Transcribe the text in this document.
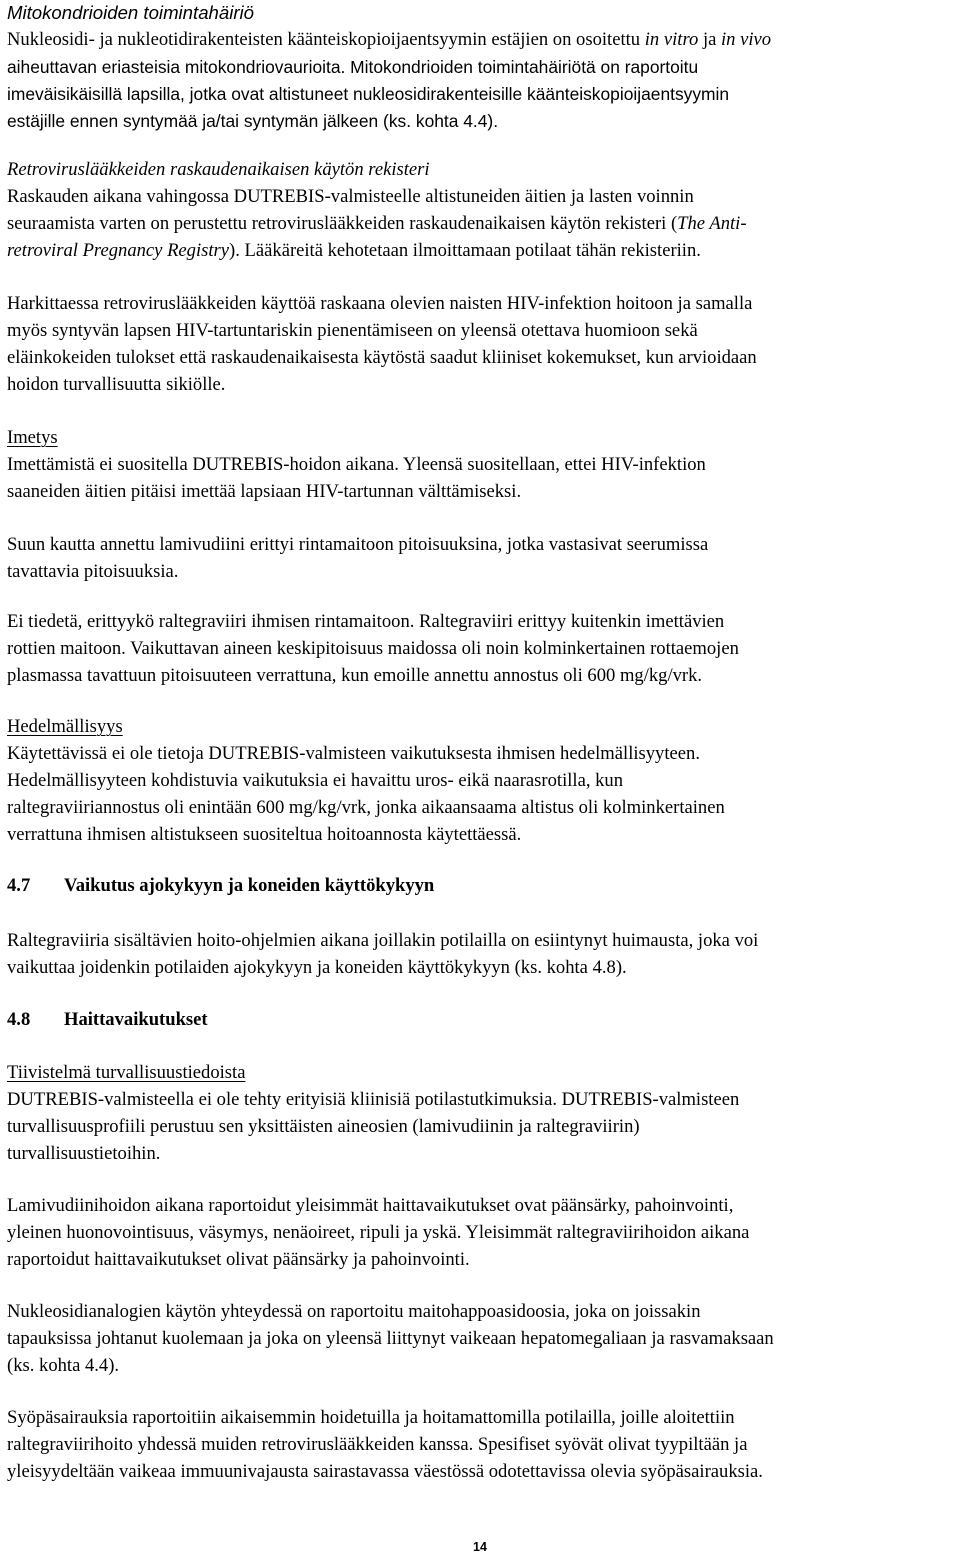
Mitokondrioiden toimintahäiriö
Nukleosidi- ja nukleotidirakenteisten käänteiskopioijaentsyymin estäjien on osoitettu in vitro ja in vivo
aiheuttavan eriasteisia mitokondriovaurioita. Mitokondrioiden toimintahäiriötä on raportoitu
imeväisikäisillä lapsilla, jotka ovat altistuneet nukleosidirakenteisille käänteiskopioijaentsyymin
estäjille ennen syntymää ja/tai syntymän jälkeen (ks. kohta 4.4).
Retroviruslääkkeiden raskaudenaikaisen käytön rekisteri
Raskauden aikana vahingossa DUTREBIS-valmisteelle altistuneiden äitien ja lasten voinnin
seuraamista varten on perustettu retroviruslääkkeiden raskaudenaikaisen käytön rekisteri (The Anti-
retroviral Pregnancy Registry). Lääkäreitä kehotetaan ilmoittamaan potilaat tähän rekisteriin.
Harkittaessa retroviruslääkkeiden käyttöä raskaana olevien naisten HIV-infektion hoitoon ja samalla
myös syntyvän lapsen HIV-tartuntariskin pienentämiseen on yleensä otettava huomioon sekä
eläinkokeiden tulokset että raskaudenaikaisesta käytöstä saadut kliiniset kokemukset, kun arvioidaan
hoidon turvallisuutta sikiölle.
Imetys
Imettämistä ei suositella DUTREBIS-hoidon aikana. Yleensä suositellaan, ettei HIV-infektion
saaneiden äitien pitäisi imettää lapsiaan HIV-tartunnan välttämiseksi.
Suun kautta annettu lamivudiini erittyi rintamaitoon pitoisuuksina, jotka vastasivat seerumissa
tavattavia pitoisuuksia.
Ei tiedetä, erittyykö raltegraviiri ihmisen rintamaitoon. Raltegraviiri erittyy kuitenkin imettävien
rottien maitoon. Vaikuttavan aineen keskipitoisuus maidossa oli noin kolminkertainen rottaemojen
plasmassa tavattuun pitoisuuteen verrattuna, kun emoille annettu annostus oli 600 mg/kg/vrk.
Hedelmällisyys
Käytettävissä ei ole tietoja DUTREBIS-valmisteen vaikutuksesta ihmisen hedelmällisyyteen.
Hedelmällisyyteen kohdistuvia vaikutuksia ei havaittu uros- eikä naarasrotilla, kun
raltegraviiriannostus oli enintään 600 mg/kg/vrk, jonka aikaansaama altistus oli kolminkertainen
verrattuna ihmisen altistukseen suositeltua hoitoannosta käytettäessä.
4.7 Vaikutus ajokykyyn ja koneiden käyttökykyyn
Raltegraviiria sisältävien hoito-ohjelmien aikana joillakin potilailla on esiintynyt huimausta, joka voi
vaikuttaa joidenkin potilaiden ajokykyyn ja koneiden käyttökykyyn (ks. kohta 4.8).
4.8 Haittavaikutukset
Tiivistelmä turvallisuustiedoista
DUTREBIS-valmisteella ei ole tehty erityisiä kliinisiä potilastutkimuksia. DUTREBIS-valmisteen
turvallisuusprofiili perustuu sen yksittäisten aineosien (lamivudiinin ja raltegraviirin)
turvallisuustietoihin.
Lamivudiinihoidon aikana raportoidut yleisimmät haittavaikutukset ovat päänsärky, pahoinvointi,
yleinen huonovointisuus, väsymys, nenäoireet, ripuli ja yskä. Yleisimmät raltegraviirihoidon aikana
raportoidut haittavaikutukset olivat päänsärky ja pahoinvointi.
Nukleosidianalogien käytön yhteydessä on raportoitu maitohappoasidoosia, joka on joissakin
tapauksissa johtanut kuolemaan ja joka on yleensä liittynyt vaikeaan hepatomegaliaan ja rasvamaksaan
(ks. kohta 4.4).
Syöpäsairauksia raportoitiin aikaisemmin hoidetuilla ja hoitamattomilla potilailla, joille aloitettiin
raltegraviirihoito yhdessä muiden retroviruslääkkeiden kanssa. Spesifiset syövät olivat tyypiltään ja
yleisyydeltään vaikeaa immuunivajausta sairastavassa väestössä odotettavissa olevia syöpäsairauksia.
14
